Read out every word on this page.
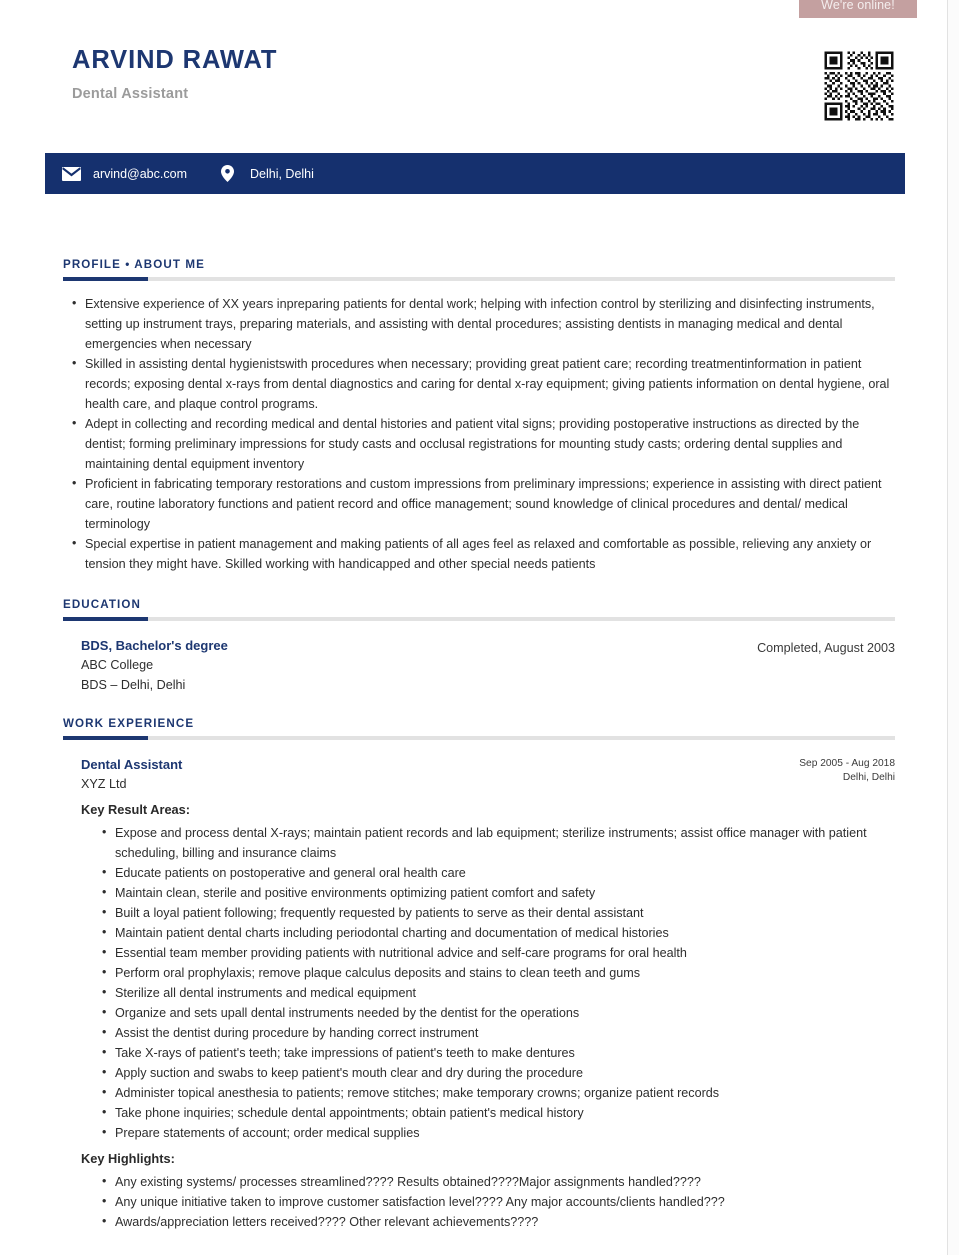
We're online!
ARVIND RAWAT
Dental Assistant
arvind@abc.com	Delhi, Delhi
PROFILE • ABOUT ME
• Extensive experience of XX years inpreparing patients for dental work; helping with infection control by sterilizing and disinfecting instruments, setting up instrument trays, preparing materials, and assisting with dental procedures; assisting dentists in managing medical and dental emergencies when necessary
• Skilled in assisting dental hygienistswith procedures when necessary; providing great patient care; recording treatmentinformation in patient records; exposing dental x-rays from dental diagnostics and caring for dental x-ray equipment; giving patients information on dental hygiene, oral health care, and plaque control programs.
• Adept in collecting and recording medical and dental histories and patient vital signs; providing postoperative instructions as directed by the dentist; forming preliminary impressions for study casts and occlusal registrations for mounting study casts; ordering dental supplies and maintaining dental equipment inventory
• Proficient in fabricating temporary restorations and custom impressions from preliminary impressions; experience in assisting with direct patient care, routine laboratory functions and patient record and office management; sound knowledge of clinical procedures and dental/ medical terminology
• Special expertise in patient management and making patients of all ages feel as relaxed and comfortable as possible, relieving any anxiety or tension they might have. Skilled working with handicapped and other special needs patients
EDUCATION
BDS, Bachelor's degree
ABC College
BDS – Delhi, Delhi
Completed, August 2003
WORK EXPERIENCE
Dental Assistant
XYZ Ltd
Sep 2005 - Aug 2018
Delhi, Delhi
Key Result Areas:
• Expose and process dental X-rays; maintain patient records and lab equipment; sterilize instruments; assist office manager with patient scheduling, billing and insurance claims
• Educate patients on postoperative and general oral health care
• Maintain clean, sterile and positive environments optimizing patient comfort and safety
• Built a loyal patient following; frequently requested by patients to serve as their dental assistant
• Maintain patient dental charts including periodontal charting and documentation of medical histories
• Essential team member providing patients with nutritional advice and self-care programs for oral health
• Perform oral prophylaxis; remove plaque calculus deposits and stains to clean teeth and gums
• Sterilize all dental instruments and medical equipment
• Organize and sets upall dental instruments needed by the dentist for the operations
• Assist the dentist during procedure by handing correct instrument
• Take X-rays of patient's teeth; take impressions of patient's teeth to make dentures
• Apply suction and swabs to keep patient's mouth clear and dry during the procedure
• Administer topical anesthesia to patients; remove stitches; make temporary crowns; organize patient records
• Take phone inquiries; schedule dental appointments; obtain patient's medical history
• Prepare statements of account; order medical supplies
Key Highlights:
• Any existing systems/ processes streamlined???? Results obtained????Major assignments handled????
• Any unique initiative taken to improve customer satisfaction level???? Any major accounts/clients handled???
• Awards/appreciation letters received???? Other relevant achievements????
